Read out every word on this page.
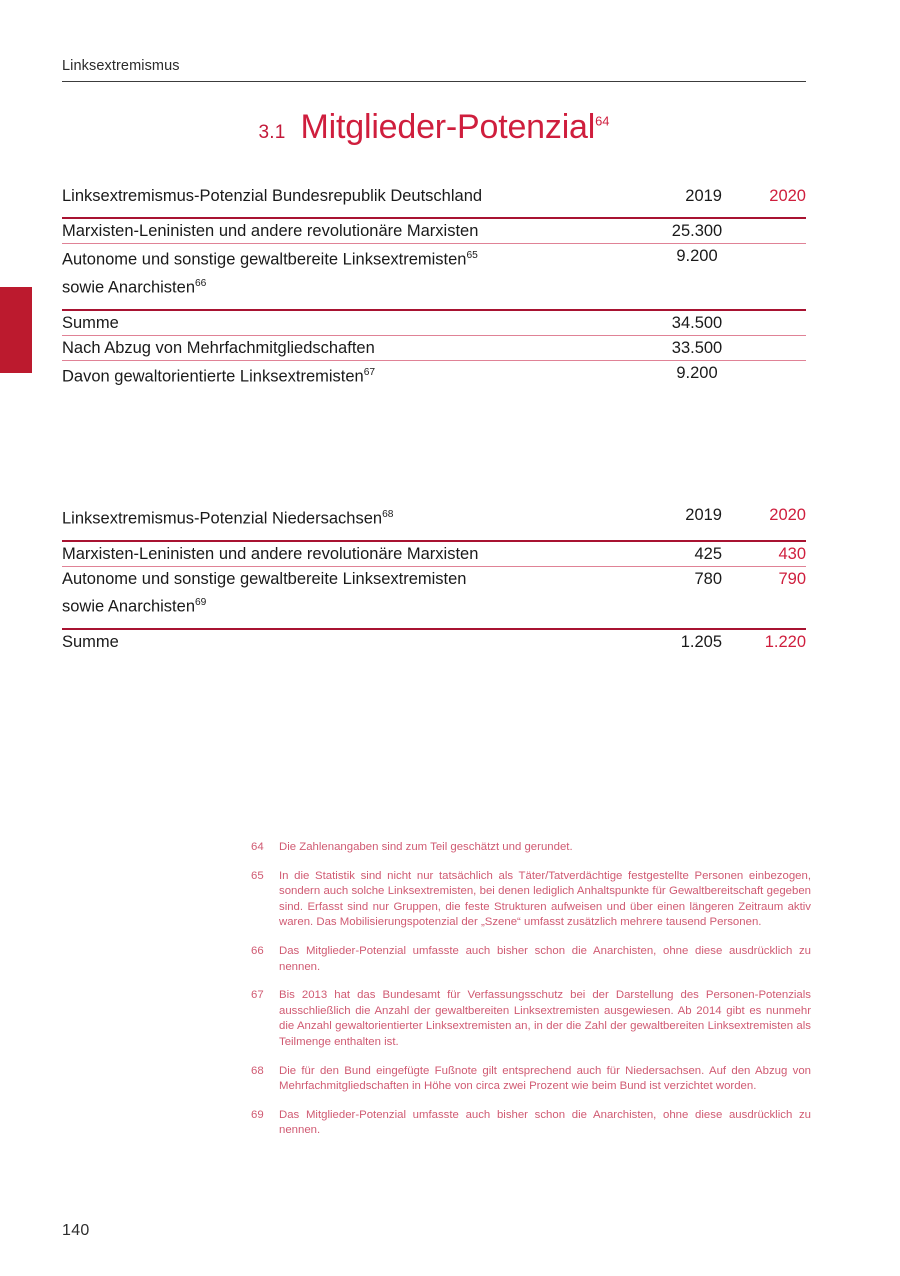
Linksextremismus
3.1 Mitglieder-Potenzial$^{64}$
Linksextremismus-Potenzial Bundesrepublik Deutschland	2019	2020
Marxisten-Leninisten und andere revolutionäre Marxisten	25.300	
Autonome und sonstige gewaltbereite Linksextremisten$^{65}$
sowie Anarchisten$^{66}$	9.200	
Summe	34.500	
Nach Abzug von Mehrfachmitgliedschaften	33.500	
Davon gewaltorientierte Linksextremisten$^{67}$	9.200	
Linksextremismus-Potenzial Niedersachsen$^{68}$	2019	2020
Marxisten-Leninisten und andere revolutionäre Marxisten	425	430
Autonome und sonstige gewaltbereite Linksextremisten
sowie Anarchisten$^{69}$	780	790
Summe	1.205	1.220
64	Die Zahlenangaben sind zum Teil geschätzt und gerundet.
65	In die Statistik sind nicht nur tatsächlich als Täter/Tatverdächtige festgestellte Personen einbezogen, sondern auch solche Linksextremisten, bei denen lediglich Anhaltspunkte für Gewaltbereitschaft gegeben sind. Erfasst sind nur Gruppen, die feste Strukturen aufweisen und über einen längeren Zeitraum aktiv waren. Das Mobilisierungspotenzial der „Szene“ umfasst zusätzlich mehrere tausend Personen.
66	Das Mitglieder-Potenzial umfasste auch bisher schon die Anarchisten, ohne diese ausdrücklich zu nennen.
67	Bis 2013 hat das Bundesamt für Verfassungsschutz bei der Darstellung des Personen-Potenzials ausschließlich die Anzahl der gewaltbereiten Linksextremisten ausgewiesen. Ab 2014 gibt es nunmehr die Anzahl gewaltorientierter Linksextremisten an, in der die Zahl der gewaltbereiten Linksextremisten als Teilmenge enthalten ist.
68	Die für den Bund eingefügte Fußnote gilt entsprechend auch für Niedersachsen. Auf den Abzug von Mehrfachmitgliedschaften in Höhe von circa zwei Prozent wie beim Bund ist verzichtet worden.
69	Das Mitglieder-Potenzial umfasste auch bisher schon die Anarchisten, ohne diese ausdrücklich zu nennen.
140
